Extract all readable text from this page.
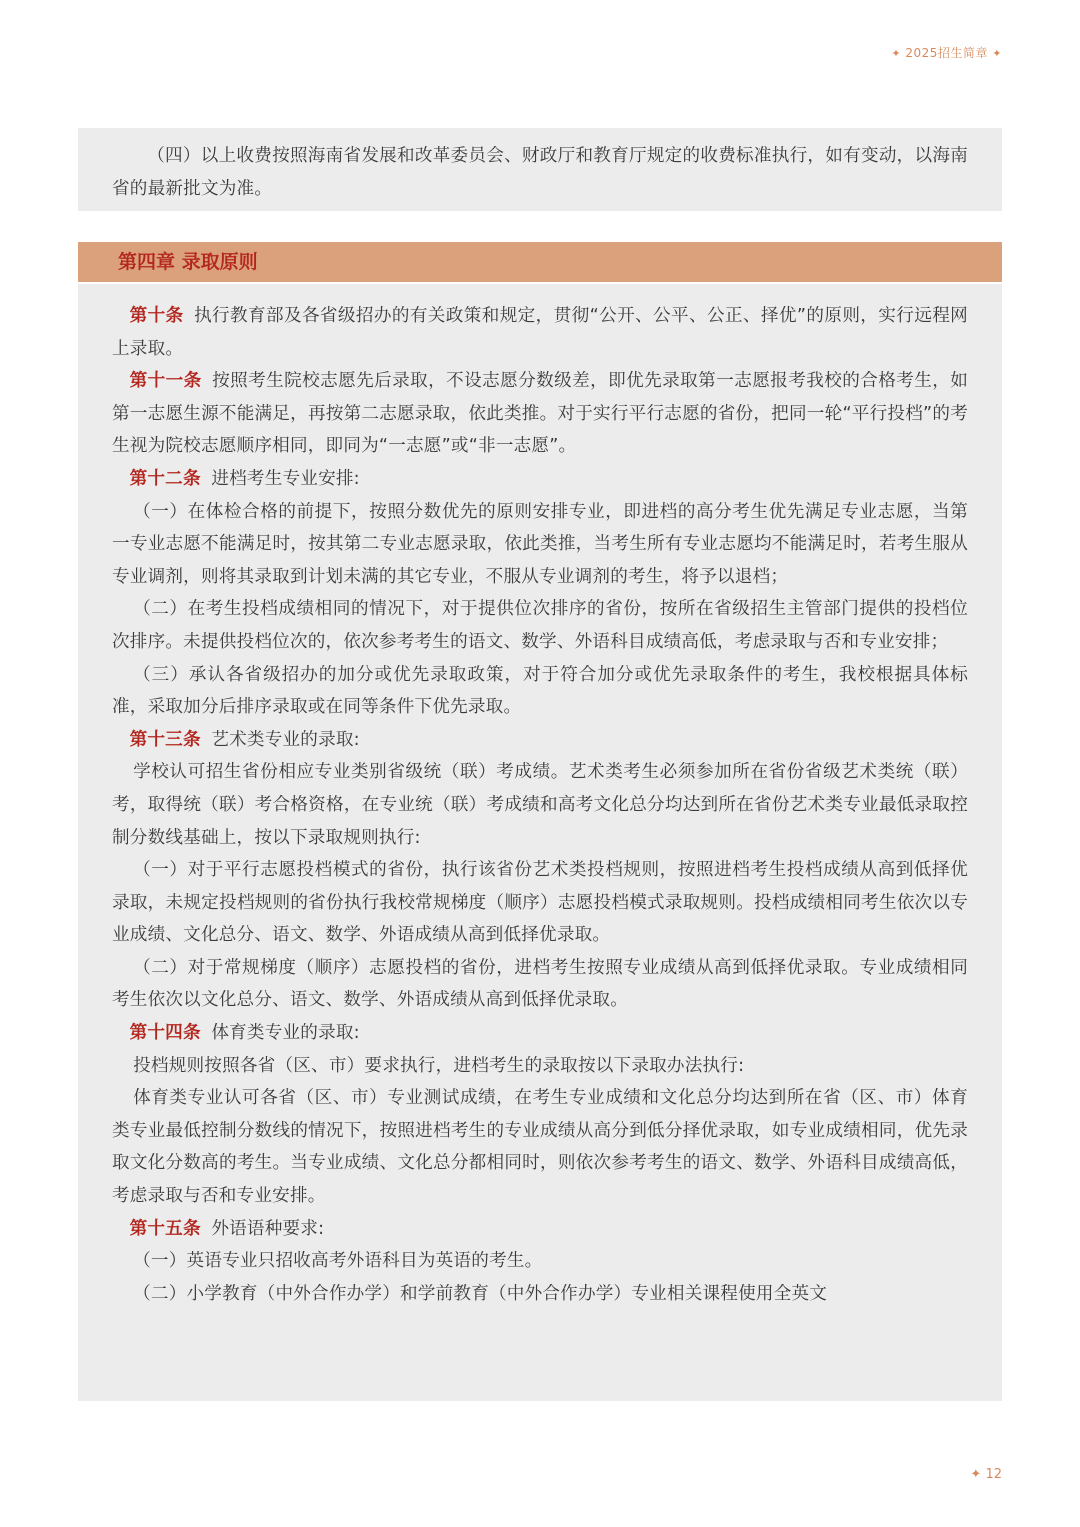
✦ 2025招生简章 ✦

（四）以上收费按照海南省发展和改革委员会、财政厅和教育厅规定的收费标准执行，如有变动，以海南省的最新批文为准。

第四章 录取原则

第十条 执行教育部及各省级招办的有关政策和规定，贯彻“公开、公平、公正、择优”的原则，实行远程网上录取。

第十一条 按照考生院校志愿先后录取，不设志愿分数级差，即优先录取第一志愿报考我校的合格考生，如第一志愿生源不能满足，再按第二志愿录取，依此类推。对于实行平行志愿的省份，把同一轮“平行投档”的考生视为院校志愿顺序相同，即同为“一志愿”或“非一志愿”。

第十二条 进档考生专业安排:

（一）在体检合格的前提下，按照分数优先的原则安排专业，即进档的高分考生优先满足专业志愿，当第一专业志愿不能满足时，按其第二专业志愿录取，依此类推，当考生所有专业志愿均不能满足时，若考生服从专业调剂，则将其录取到计划未满的其它专业，不服从专业调剂的考生，将予以退档；

（二）在考生投档成绩相同的情况下，对于提供位次排序的省份，按所在省级招生主管部门提供的投档位次排序。未提供投档位次的，依次参考考生的语文、数学、外语科目成绩高低，考虑录取与否和专业安排；

（三）承认各省级招办的加分或优先录取政策，对于符合加分或优先录取条件的考生，我校根据具体标准，采取加分后排序录取或在同等条件下优先录取。

第十三条 艺术类专业的录取:

学校认可招生省份相应专业类别省级统（联）考成绩。艺术类考生必须参加所在省份省级艺术类统（联）考，取得统（联）考合格资格，在专业统（联）考成绩和高考文化总分均达到所在省份艺术类专业最低录取控制分数线基础上，按以下录取规则执行:

（一）对于平行志愿投档模式的省份，执行该省份艺术类投档规则，按照进档考生投档成绩从高到低择优录取，未规定投档规则的省份执行我校常规梯度（顺序）志愿投档模式录取规则。投档成绩相同考生依次以专业成绩、文化总分、语文、数学、外语成绩从高到低择优录取。

（二）对于常规梯度（顺序）志愿投档的省份，进档考生按照专业成绩从高到低择优录取。专业成绩相同考生依次以文化总分、语文、数学、外语成绩从高到低择优录取。

第十四条 体育类专业的录取:

投档规则按照各省（区、市）要求执行，进档考生的录取按以下录取办法执行:

体育类专业认可各省（区、市）专业测试成绩，在考生专业成绩和文化总分均达到所在省（区、市）体育类专业最低控制分数线的情况下，按照进档考生的专业成绩从高分到低分择优录取，如专业成绩相同，优先录取文化分数高的考生。当专业成绩、文化总分都相同时，则依次参考考生的语文、数学、外语科目成绩高低，考虑录取与否和专业安排。

第十五条 外语语种要求:

（一）英语专业只招收高考外语科目为英语的考生。

（二）小学教育（中外合作办学）和学前教育（中外合作办学）专业相关课程使用全英文

✦ 12
